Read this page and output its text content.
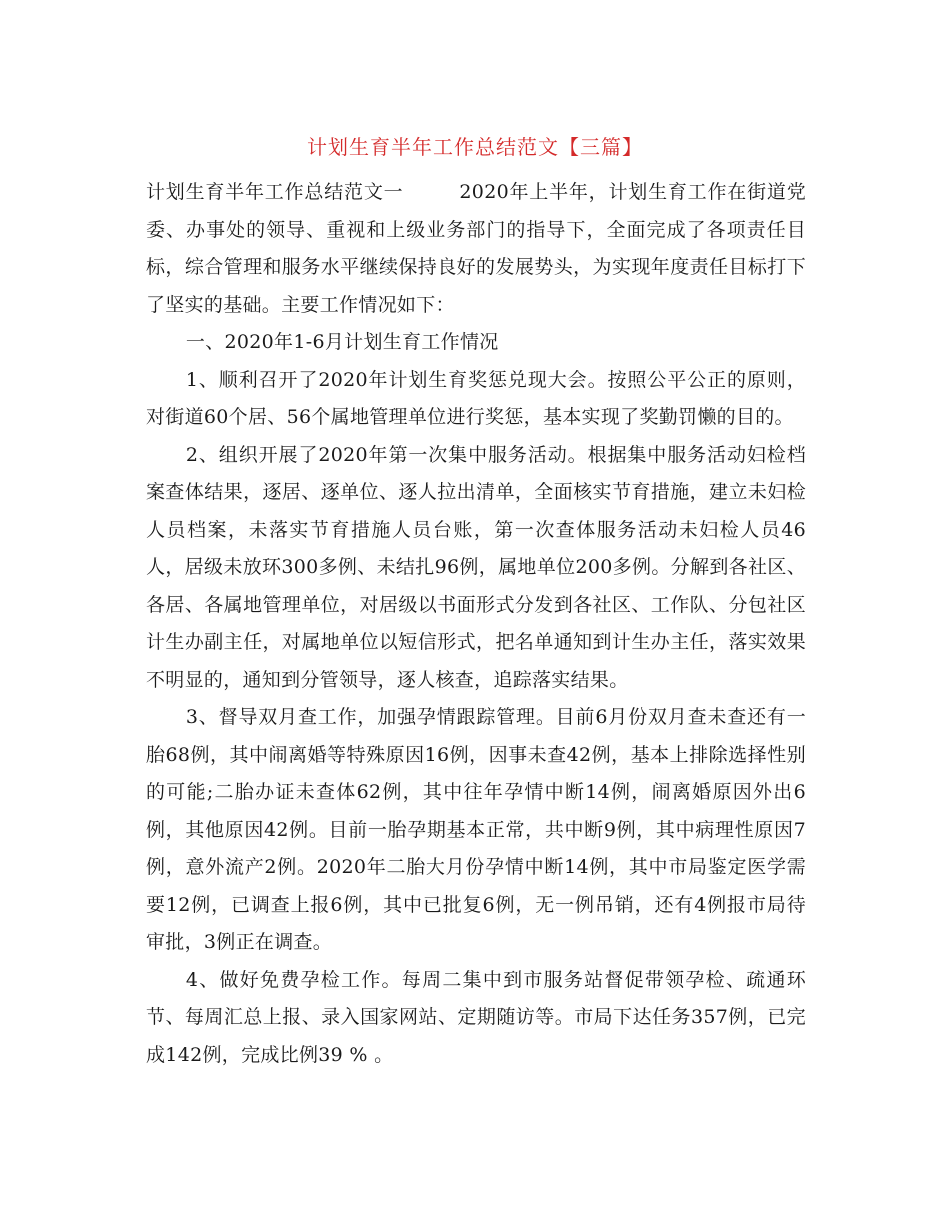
计划生育半年工作总结范文【三篇】

计划生育半年工作总结范文一	2020年上半年，计划生育工作在街道党委、办事处的领导、重视和上级业务部门的指导下，全面完成了各项责任目标，综合管理和服务水平继续保持良好的发展势头，为实现年度责任目标打下了坚实的基础。主要工作情况如下：

一、2020年1-6月计划生育工作情况

1、顺利召开了2020年计划生育奖惩兑现大会。按照公平公正的原则，对街道60个居、56个属地管理单位进行奖惩，基本实现了奖勤罚懒的目的。

2、组织开展了2020年第一次集中服务活动。根据集中服务活动妇检档案查体结果，逐居、逐单位、逐人拉出清单，全面核实节育措施，建立未妇检人员档案，未落实节育措施人员台账，第一次查体服务活动未妇检人员46人，居级未放环300多例、未结扎96例，属地单位200多例。分解到各社区、各居、各属地管理单位，对居级以书面形式分发到各社区、工作队、分包社区计生办副主任，对属地单位以短信形式，把名单通知到计生办主任，落实效果不明显的，通知到分管领导，逐人核查，追踪落实结果。

3、督导双月查工作，加强孕情跟踪管理。目前6月份双月查未查还有一胎68例，其中闹离婚等特殊原因16例，因事未查42例，基本上排除选择性别的可能;二胎办证未查体62例，其中往年孕情中断14例，闹离婚原因外出6例，其他原因42例。目前一胎孕期基本正常，共中断9例，其中病理性原因7例，意外流产2例。2020年二胎大月份孕情中断14例，其中市局鉴定医学需要12例，已调查上报6例，其中已批复6例，无一例吊销，还有4例报市局待审批，3例正在调查。

4、做好免费孕检工作。每周二集中到市服务站督促带领孕检、疏通环节、每周汇总上报、录入国家网站、定期随访等。市局下达任务357例，已完成142例，完成比例39 % 。
